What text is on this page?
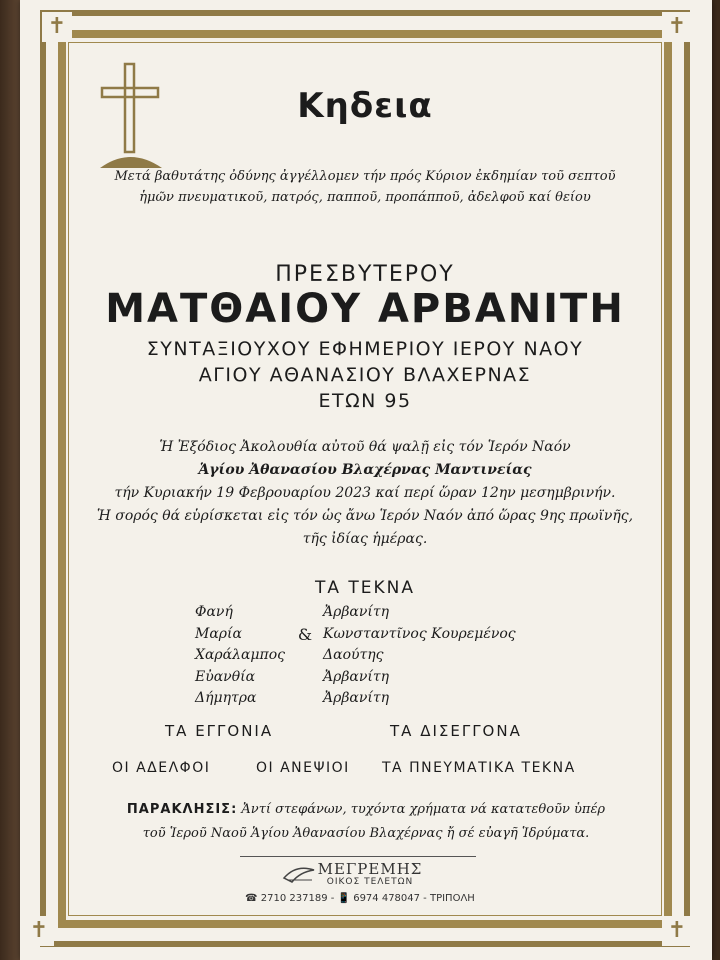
✝	✝
✝	✝
Κηδεια
Μετά βαθυτάτης ὀδύνης ἀγγέλλομεν τήν πρός Κύριον ἐκδημίαν τοῦ σεπτοῦ ἡμῶν πνευματικοῦ, πατρός, παπποῦ, προπάπποῦ, ἀδελφοῦ καί θείου
ΠΡΕΣΒΥΤΕΡΟΥ
ΜΑΤΘΑΙΟΥ ΑΡΒΑΝΙΤΗ
ΣΥΝΤΑΞΙΟΥΧΟΥ ΕΦΗΜΕΡΙΟΥ ΙΕΡΟΥ ΝΑΟΥ
ΑΓΙΟΥ ΑΘΑΝΑΣΙΟΥ ΒΛΑΧΕΡΝΑΣ
ΕΤΩΝ 95
Ἡ Ἐξόδιος Ἀκολουθία αὐτοῦ θά ψαλῇ εἰς τόν Ἱερόν Ναόν
Ἁγίου Ἀθανασίου Βλαχέρνας Μαντινείας
τήν Κυριακήν 19 Φεβρουαρίου 2023 καί περί ὥραν 12ην μεσημβρινήν.
Ἡ σορός θά εὑρίσκεται εἰς τόν ὡς ἄνω Ἱερόν Ναόν ἀπό ὥρας 9ης πρωϊνῆς,
τῆς ἰδίας ἡμέρας.
ΤΑ ΤΕΚΝΑ
Φανή	Ἀρβανίτη
Μαρία	& Κωνσταντῖνος Κουρεμένος
Χαράλαμπος	Δαούτης
Εὐανθία	Ἀρβανίτη
Δήμητρα	Ἀρβανίτη
ΤΑ ΕΓΓΟΝΙΑ	ΤΑ ΔΙΣΕΓΓΟΝΑ
ΟΙ ΑΔΕΛΦΟΙ	ΟΙ ΑΝΕΨΙΟΙ ΤΑ ΠΝΕΥΜΑΤΙΚΑ ΤΕΚΝΑ
ΠΑΡΑΚΛΗΣΙΣ: Ἀντί στεφάνων, τυχόντα χρήματα νά κατατεθοῦν ὑπέρ
τοῦ Ἱεροῦ Ναοῦ Ἁγίου Ἀθανασίου Βλαχέρνας ἤ σέ εὐαγῆ Ἱδρύματα.
ΜΕΓΡΕΜΗΣ
ΟΙΚΟΣ ΤΕΛΕΤΩΝ
☎ 2710 237189 - 📱 6974 478047 - ΤΡΙΠΟΛΗ
